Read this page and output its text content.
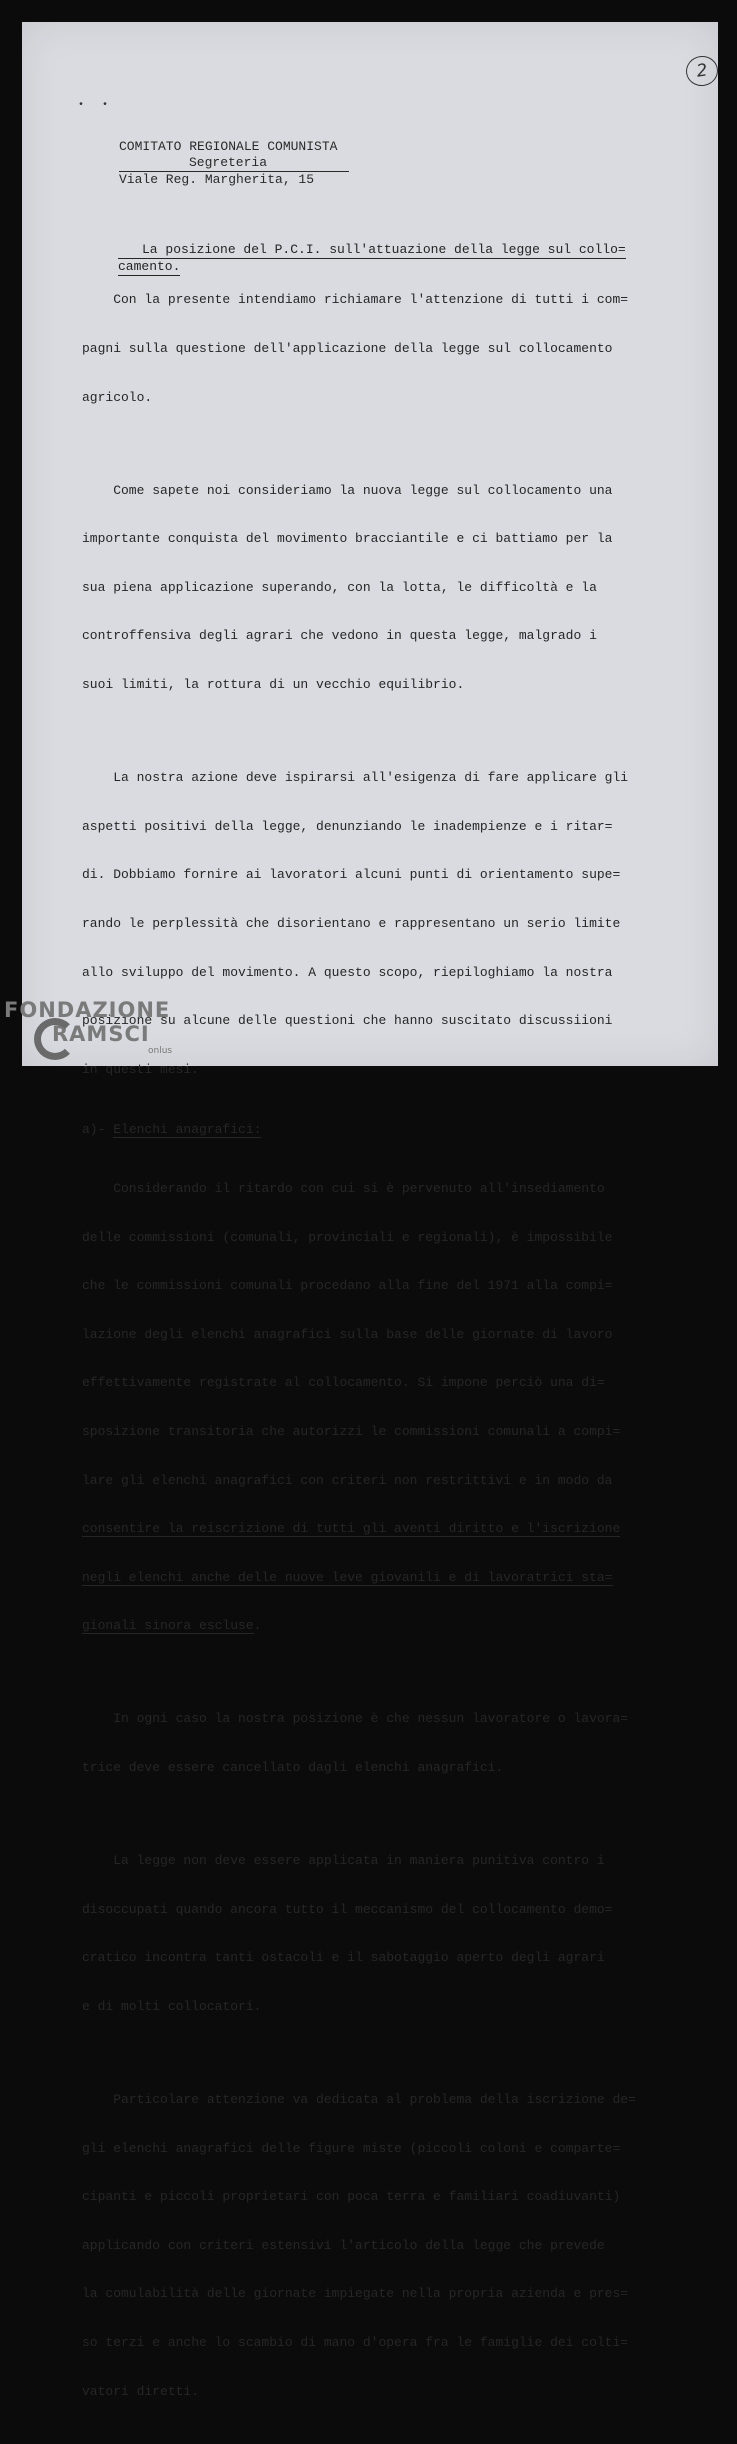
2
• •
COMITATO REGIONALE COMUNISTA
Segreteria
Viale Reg. Margherita, 15
La posizione del P.C.I. sull'attuazione della legge sul collo=
camento.

Con la presente intendiamo richiamare l'attenzione di tutti i com=

pagni sulla questione dell'applicazione della legge sul collocamento

agricolo.

Come sapete noi consideriamo la nuova legge sul collocamento una

importante conquista del movimento bracciantile e ci battiamo per la

sua piena applicazione superando, con la lotta, le difficoltà e la

controffensiva degli agrari che vedono in questa legge, malgrado i

suoi limiti, la rottura di un vecchio equilibrio.

La nostra azione deve ispirarsi all'esigenza di fare applicare gli

aspetti positivi della legge, denunziando le inadempienze e i ritar=

di. Dobbiamo fornire ai lavoratori alcuni punti di orientamento supe=

rando le perplessità che disorientano e rappresentano un serio limite

allo sviluppo del movimento. A questo scopo, riepiloghiamo la nostra

posizione su alcune delle questioni che hanno suscitato discussiioni

in questi mesi.

a)- Elenchi anagrafici:

Considerando il ritardo con cui si è pervenuto all'insediamento

delle commissioni (comunali, provinciali e regionali), è impossibile

che le commissioni comunali procedano alla fine del 1971 alla compi=

lazione degli elenchi anagrafici sulla base delle giornate di lavoro

effettivamente registrate al collocamento. Si impone perciò una di=

sposizione transitoria che autorizzi le commissioni comunali a compi=

lare gli elenchi anagrafici con criteri non restrittivi e in modo da

consentire la reiscrizione di tutti gli aventi diritto e l'iscrizione

negli elenchi anche delle nuove leve giovanili e di lavoratrici sta=

gionali sinora escluse.

In ogni caso la nostra posizione è che nessun lavoratore o lavora=

trice deve essere cancellato dagli elenchi anagrafici.

La legge non deve essere applicata in maniera punitiva contro i

disoccupati quando ancora tutto il meccanismo del collocamento demo=

cratico incontra tanti ostacoli e il sabotaggio aperto degli agrari

e di molti collocatori.

Particolare attenzione va dedicata al problema della iscrizione de=

gli elenchi anagrafici delle figure miste (piccoli coloni e comparte=

cipanti e piccoli proprietari con poca terra e familiari coadiuvanti)

applicando con criteri estensivi l'articolo della legge che prevede

la comulabilità delle giornate impiegate nella propria azienda e pres=

so terzi e anche lo scambio di mano d'opera fra le famiglie dei colti=

vatori diretti.

FONDAZIONE
RAMSCI
onlus
